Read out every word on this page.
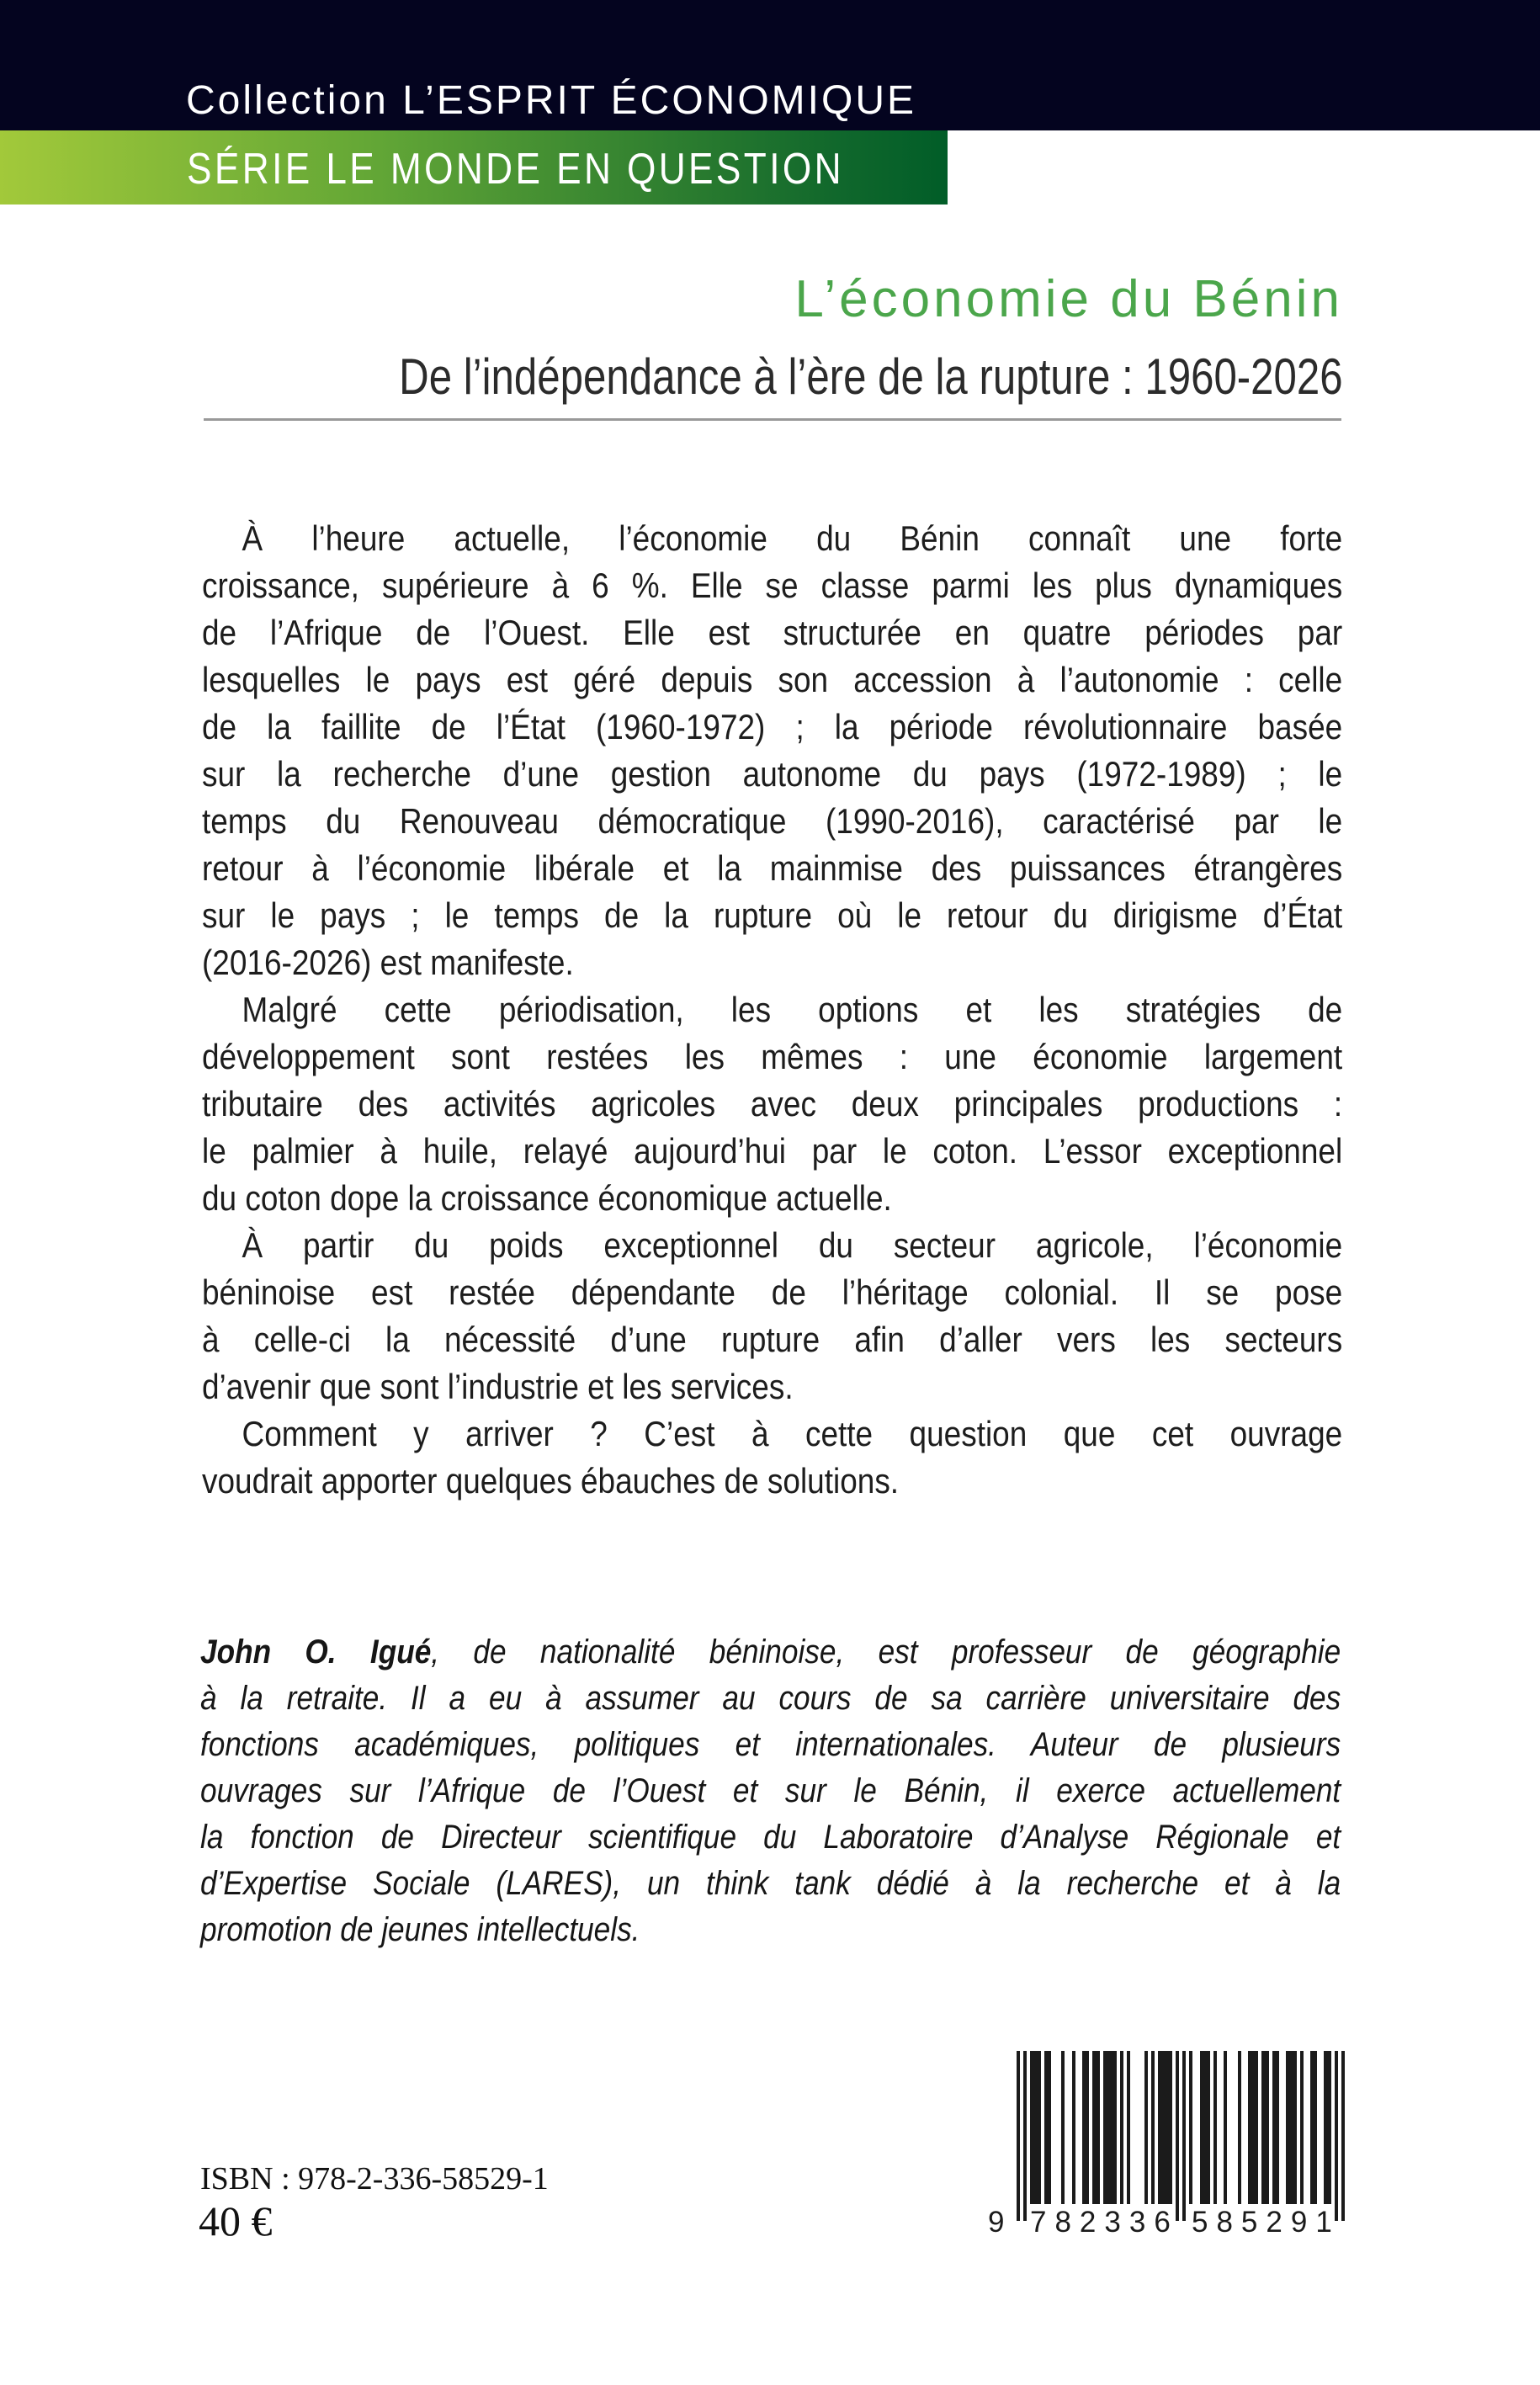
Collection L’ESPRIT ÉCONOMIQUE
SÉRIE LE MONDE EN QUESTION
L’économie du Bénin
De l’indépendance à l’ère de la rupture : 1960-2026
À l’heure actuelle, l’économie du Bénin connaît une forte
croissance, supérieure à 6 %. Elle se classe parmi les plus dynamiques
de l’Afrique de l’Ouest. Elle est structurée en quatre périodes par
lesquelles le pays est géré depuis son accession à l’autonomie : celle
de la faillite de l’État (1960-1972) ; la période révolutionnaire basée
sur la recherche d’une gestion autonome du pays (1972-1989) ; le
temps du Renouveau démocratique (1990-2016), caractérisé par le
retour à l’économie libérale et la mainmise des puissances étrangères
sur le pays ; le temps de la rupture où le retour du dirigisme d’État
(2016-2026) est manifeste.
Malgré cette périodisation, les options et les stratégies de
développement sont restées les mêmes : une économie largement
tributaire des activités agricoles avec deux principales productions :
le palmier à huile, relayé aujourd’hui par le coton. L’essor exceptionnel
du coton dope la croissance économique actuelle.
À partir du poids exceptionnel du secteur agricole, l’économie
béninoise est restée dépendante de l’héritage colonial. Il se pose
à celle-ci la nécessité d’une rupture afin d’aller vers les secteurs
d’avenir que sont l’industrie et les services.
Comment y arriver ? C’est à cette question que cet ouvrage
voudrait apporter quelques ébauches de solutions.
John O. Igué, de nationalité béninoise, est professeur de géographie
à la retraite. Il a eu à assumer au cours de sa carrière universitaire des
fonctions académiques, politiques et internationales. Auteur de plusieurs
ouvrages sur l’Afrique de l’Ouest et sur le Bénin, il exerce actuellement
la fonction de Directeur scientifique du Laboratoire d’Analyse Régionale et
d’Expertise Sociale (LARES), un think tank dédié à la recherche et à la
promotion de jeunes intellectuels.
9 782336 585291
ISBN : 978-2-336-58529-1
40 €
